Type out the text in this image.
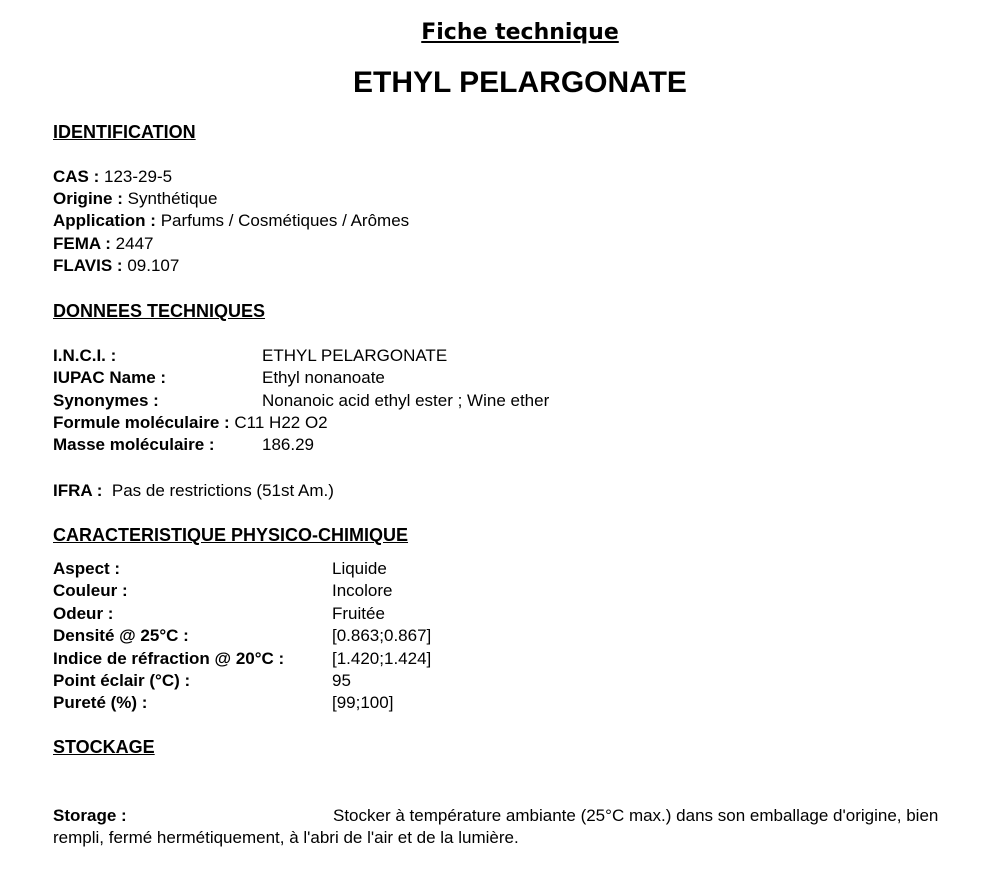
Fiche technique
ETHYL PELARGONATE
IDENTIFICATION
CAS : 123-29-5
Origine : Synthétique
Application : Parfums / Cosmétiques / Arômes
FEMA : 2447
FLAVIS : 09.107
DONNEES TECHNIQUES
I.N.C.I. :	ETHYL PELARGONATE
IUPAC Name :	Ethyl nonanoate
Synonymes :	Nonanoic acid ethyl ester ; Wine ether
Formule moléculaire : C11 H22 O2
Masse moléculaire :	186.29
IFRA : Pas de restrictions (51st Am.)
CARACTERISTIQUE PHYSICO-CHIMIQUE
Aspect :	Liquide
Couleur :	Incolore
Odeur :	Fruitée
Densité @ 25°C :	[0.863;0.867]
Indice de réfraction @ 20°C :	[1.420;1.424]
Point éclair (°C) :	95
Pureté (%) :	[99;100]
STOCKAGE
Storage :	Stocker à température ambiante (25°C max.) dans son emballage d'origine, bien rempli, fermé hermétiquement, à l'abri de l'air et de la lumière.
